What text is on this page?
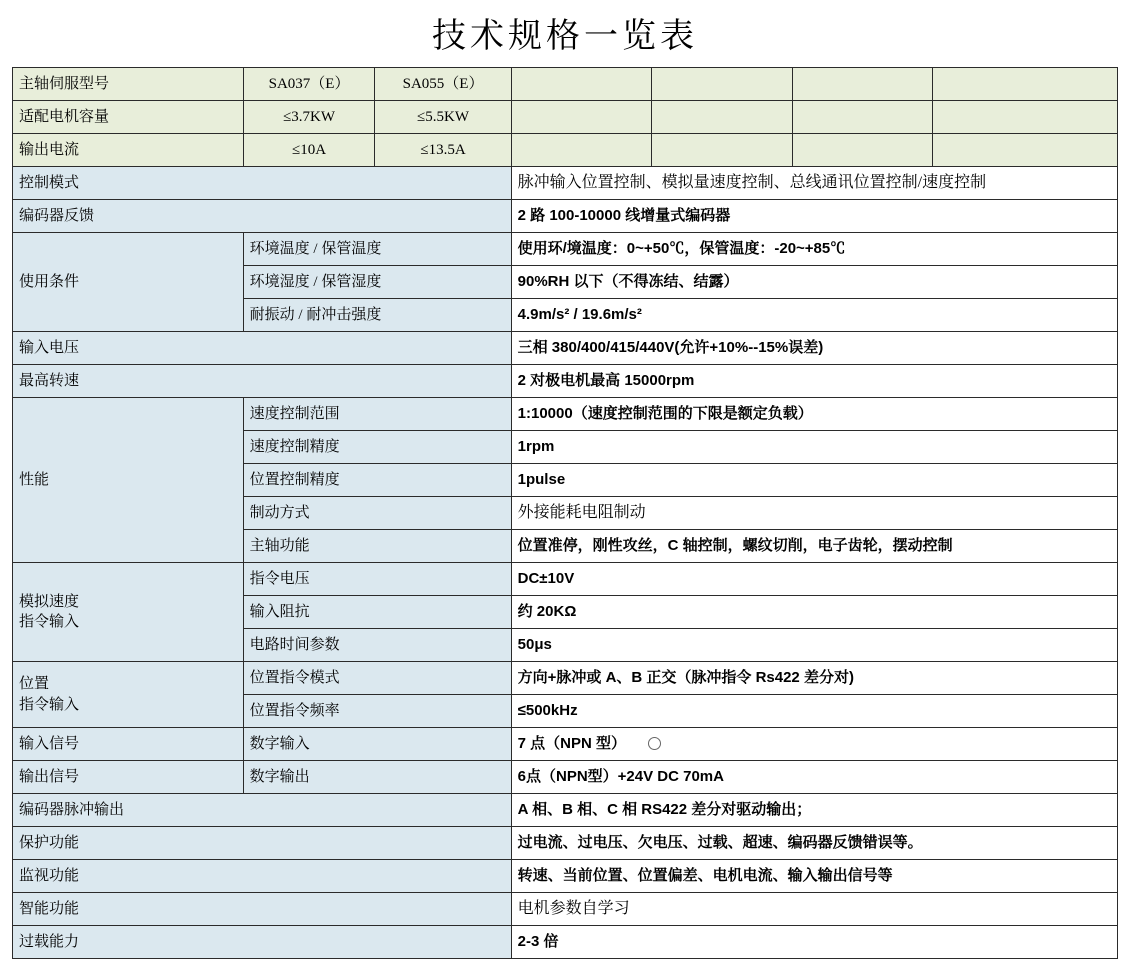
技术规格一览表
主轴伺服型号	SA037（E）	SA055（E）				
适配电机容量	≤3.7KW	≤5.5KW				
输出电流	≤10A	≤13.5A				
控制模式			脉冲输入位置控制、模拟量速度控制、总线通讯位置控制/速度控制			
编码器反馈			2 路 100-10000 线增量式编码器			
使用条件	环境温度 / 保管温度		使用环/境温度：0~+50℃，保管温度：-20~+85℃			
	环境湿度 / 保管湿度		90%RH 以下（不得冻结、结露）			
	耐振动 / 耐冲击强度		4.9m/s² / 19.6m/s²			
输入电压			三相 380/400/415/440V(允许+10%--15%误差)			
最高转速			2 对极电机最高 15000rpm			
性能	速度控制范围		1:10000（速度控制范围的下限是额定负载）			
	速度控制精度		1rpm			
	位置控制精度		1pulse			
	制动方式		外接能耗电阻制动			
	主轴功能		位置准停，刚性攻丝，C 轴控制，螺纹切削，电子齿轮，摆动控制			
模拟速度
指令输入	指令电压		DC±10V			
	输入阻抗		约 20KΩ			
	电路时间参数		50μs			
位置
指令输入	位置指令模式		方向+脉冲或 A、B 正交（脉冲指令 Rs422 差分对)			
	位置指令频率		≤500kHz			
输入信号	数字输入		7 点（NPN 型）			
输出信号	数字输出		6点（NPN型）+24V DC 70mA			
编码器脉冲输出			A 相、B 相、C 相 RS422 差分对驱动输出；			
保护功能			过电流、过电压、欠电压、过载、超速、编码器反馈错误等。			
监视功能			转速、当前位置、位置偏差、电机电流、输入输出信号等			
智能功能			电机参数自学习			
过载能力			2-3 倍			
